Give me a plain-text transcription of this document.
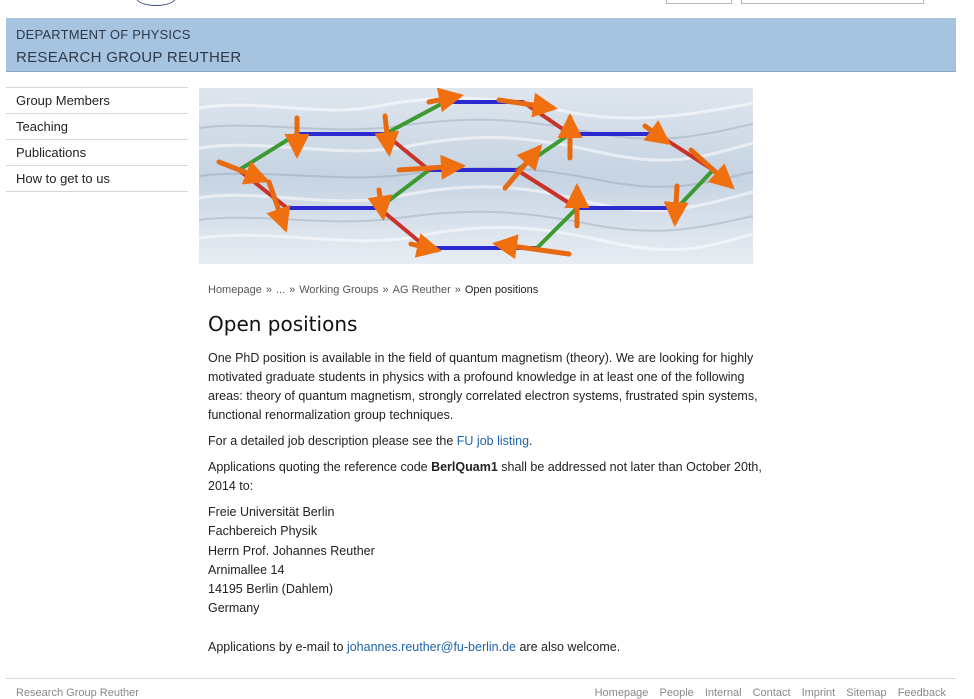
DEPARTMENT OF PHYSICS
RESEARCH GROUP REUTHER
Group Members
Teaching
Publications
How to get to us
Homepage » ... » Working Groups » AG Reuther » Open positions
Open positions

One PhD position is available in the field of quantum magnetism (theory). We are looking for highly motivated graduate students in physics with a profound knowledge in at least one of the following areas: theory of quantum magnetism, strongly correlated electron systems, frustrated spin systems, functional renormalization group techniques.

For a detailed job description please see the FU job listing.

Applications quoting the reference code BerlQuam1 shall be addressed not later than October 20th, 2014 to:

Freie Universität Berlin
Fachbereich Physik
Herrn Prof. Johannes Reuther
Arnimallee 14
14195 Berlin (Dahlem)
Germany

Applications by e-mail to johannes.reuther@fu-berlin.de are also welcome.

Research Group Reuther	Homepage People Internal Contact Imprint Sitemap Feedback
